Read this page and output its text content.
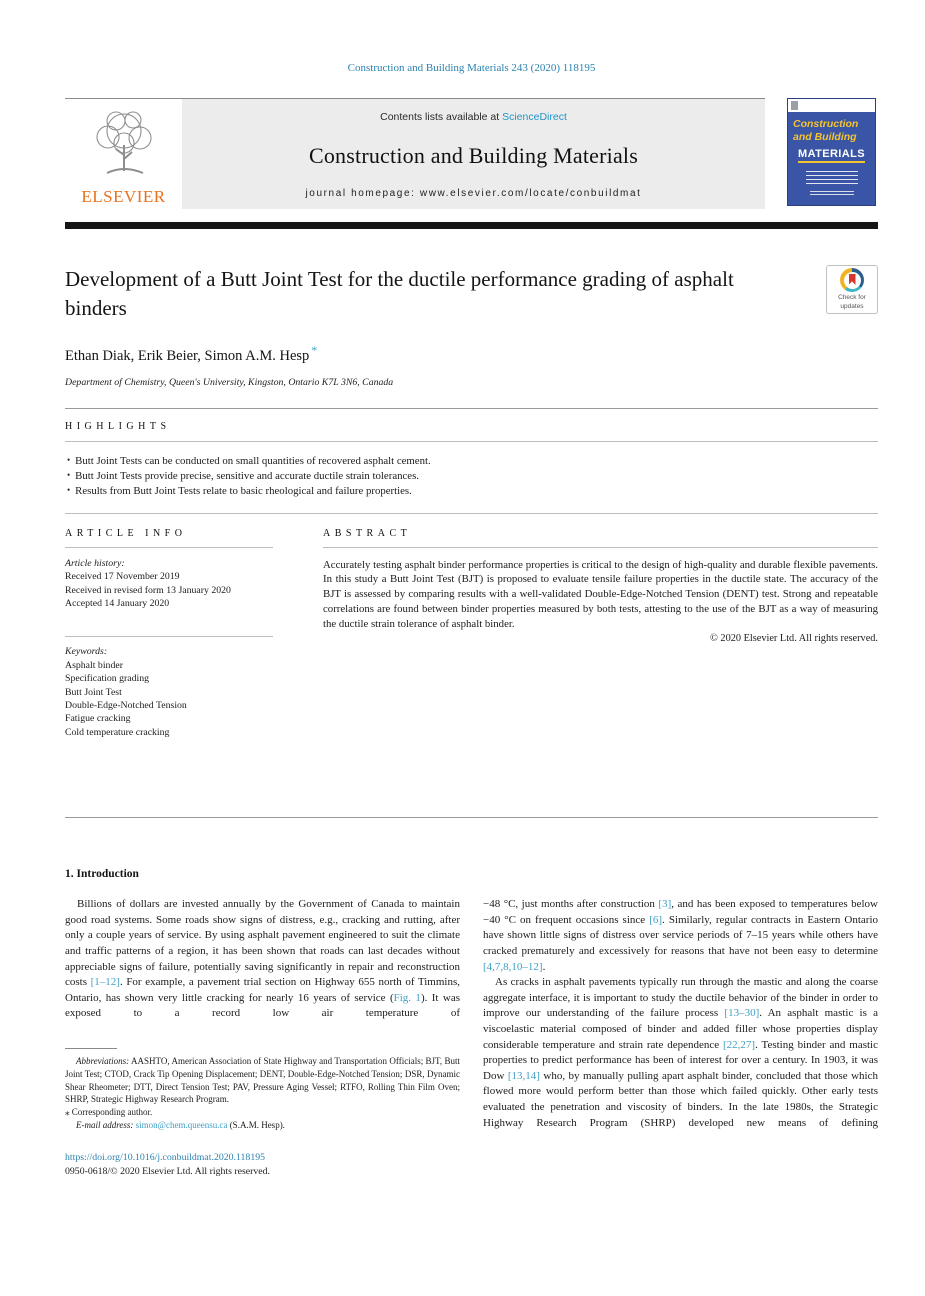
Construction and Building Materials 243 (2020) 118195
ELSEVIER
Contents lists available at ScienceDirect
Construction and Building Materials
journal homepage: www.elsevier.com/locate/conbuildmat
Construction
and Building
MATERIALS
Development of a Butt Joint Test for the ductile performance grading of asphalt binders	Check for
updates
Ethan Diak, Erik Beier, Simon A.M. Hesp *
Department of Chemistry, Queen's University, Kingston, Ontario K7L 3N6, Canada
HIGHLIGHTS
• Butt Joint Tests can be conducted on small quantities of recovered asphalt cement.
• Butt Joint Tests provide precise, sensitive and accurate ductile strain tolerances.
• Results from Butt Joint Tests relate to basic rheological and failure properties.
ARTICLE INFO
Article history:
Received 17 November 2019
Received in revised form 13 January 2020
Accepted 14 January 2020
Keywords:
Asphalt binder
Specification grading
Butt Joint Test
Double-Edge-Notched Tension
Fatigue cracking
Cold temperature cracking
ABSTRACT

Accurately testing asphalt binder performance properties is critical to the design of high-quality and durable flexible pavements. In this study a Butt Joint Test (BJT) is proposed to evaluate tensile failure properties in the ductile state. The accuracy of the BJT is assessed by comparing results with a well-validated Double-Edge-Notched Tension (DENT) test. Strong and repeatable correlations are found between binder properties measured by both tests, attesting to the use of the BJT as a way of measuring the ductile strain tolerance of asphalt binder.

© 2020 Elsevier Ltd. All rights reserved.
1. Introduction

Billions of dollars are invested annually by the Government of Canada to maintain good road systems. Some roads show signs of distress, e.g., cracking and rutting, after only a couple years of service. By using asphalt pavement engineered to suit the climate and traffic patterns of a region, it has been shown that roads can last decades without appreciable signs of failure, potentially saving significantly in repair and reconstruction costs [1–12]. For example, a pavement trial section on Highway 655 north of Timmins, Ontario, has shown very little cracking for nearly 16 years of service (Fig. 1). It was exposed to a record low air temperature of

Abbreviations: AASHTO, American Association of State Highway and Transportation Officials; BJT, Butt Joint Test; CTOD, Crack Tip Opening Displacement; DENT, Double-Edge-Notched Tension; DSR, Dynamic Shear Rheometer; DTT, Direct Tension Test; PAV, Pressure Aging Vessel; RTFO, Rolling Thin Film Oven; SHRP, Strategic Highway Research Program.

⁎ Corresponding author.
E-mail address: simon@chem.queensu.ca (S.A.M. Hesp).
https://doi.org/10.1016/j.conbuildmat.2020.118195
0950-0618/© 2020 Elsevier Ltd. All rights reserved.

−48 °C, just months after construction [3], and has been exposed to temperatures below −40 °C on frequent occasions since [6]. Similarly, regular contracts in Eastern Ontario have shown little signs of distress over service periods of 7–15 years while others have cracked prematurely and excessively for reasons that have not been easy to determine [4,7,8,10–12].

As cracks in asphalt pavements typically run through the mastic and along the coarse aggregate interface, it is important to study the ductile behavior of the binder in order to improve our understanding of the failure process [13–30]. An asphalt mastic is a viscoelastic material composed of binder and added filler whose properties display considerable temperature and strain rate dependence [22,27]. Testing binder and mastic properties to predict performance has been of interest for over a century. In 1903, it was Dow [13,14] who, by manually pulling apart asphalt binder, concluded that those which flowed more would perform better than those which failed quickly. Other early tests evaluated the penetration and viscosity of binders. In the late 1980s, the Strategic Highway Research Program (SHRP) developed new means of defining
